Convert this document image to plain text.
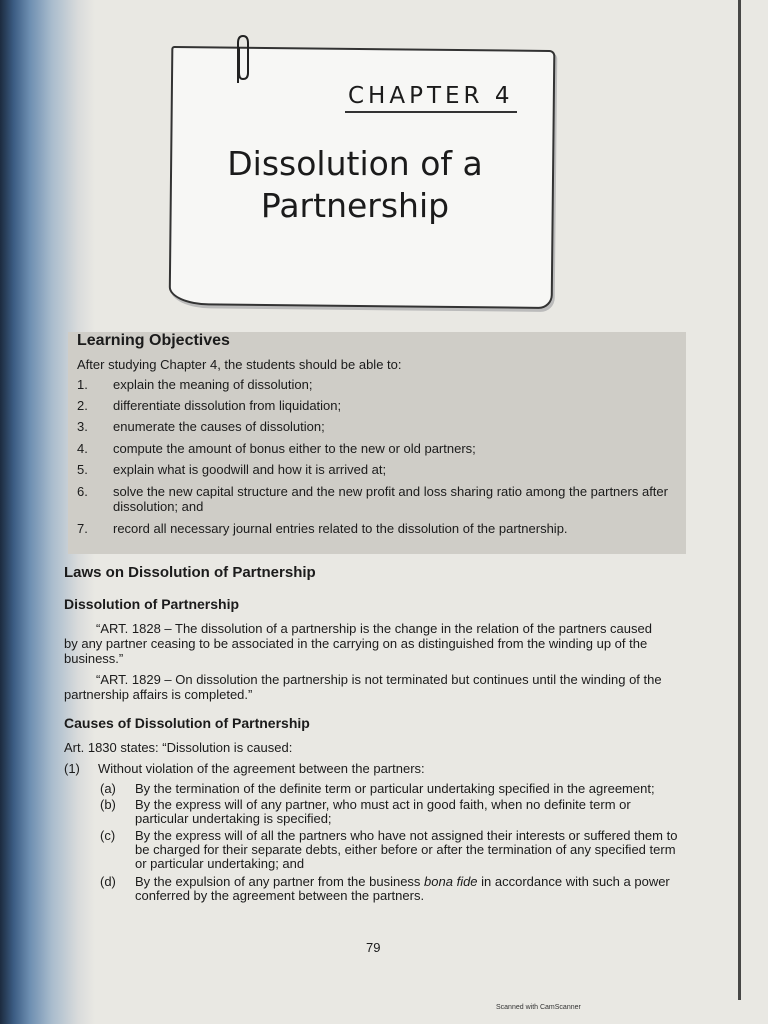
CHAPTER 4
Dissolution of a
Partnership
Learning Objectives
After studying Chapter 4, the students should be able to:
1.	explain the meaning of dissolution;
2.	differentiate dissolution from liquidation;
3.	enumerate the causes of dissolution;
4.	compute the amount of bonus either to the new or old partners;
5.	explain what is goodwill and how it is arrived at;
6.	solve the new capital structure and the new profit and loss sharing ratio among the partners after dissolution; and
7.	record all necessary journal entries related to the dissolution of the partnership.
Laws on Dissolution of Partnership
Dissolution of Partnership
“ART. 1828 – The dissolution of a partnership is the change in the relation of the partners caused
by any partner ceasing to be associated in the carrying on as distinguished from the winding up of the
business.”
“ART. 1829 – On dissolution the partnership is not terminated but continues until the winding of the
partnership affairs is completed.”
Causes of Dissolution of Partnership
Art. 1830 states: “Dissolution is caused:
(1) Without violation of the agreement between the partners:
(a) By the termination of the definite term or particular undertaking specified in the agreement;
(b) By the express will of any partner, who must act in good faith, when no definite term or particular undertaking is specified;
(c) By the express will of all the partners who have not assigned their interests or suffered them to be charged for their separate debts, either before or after the termination of any specified term or particular undertaking; and
(d) By the expulsion of any partner from the business bona fide in accordance with such a power conferred by the agreement between the partners.
79
Scanned with CamScanner
